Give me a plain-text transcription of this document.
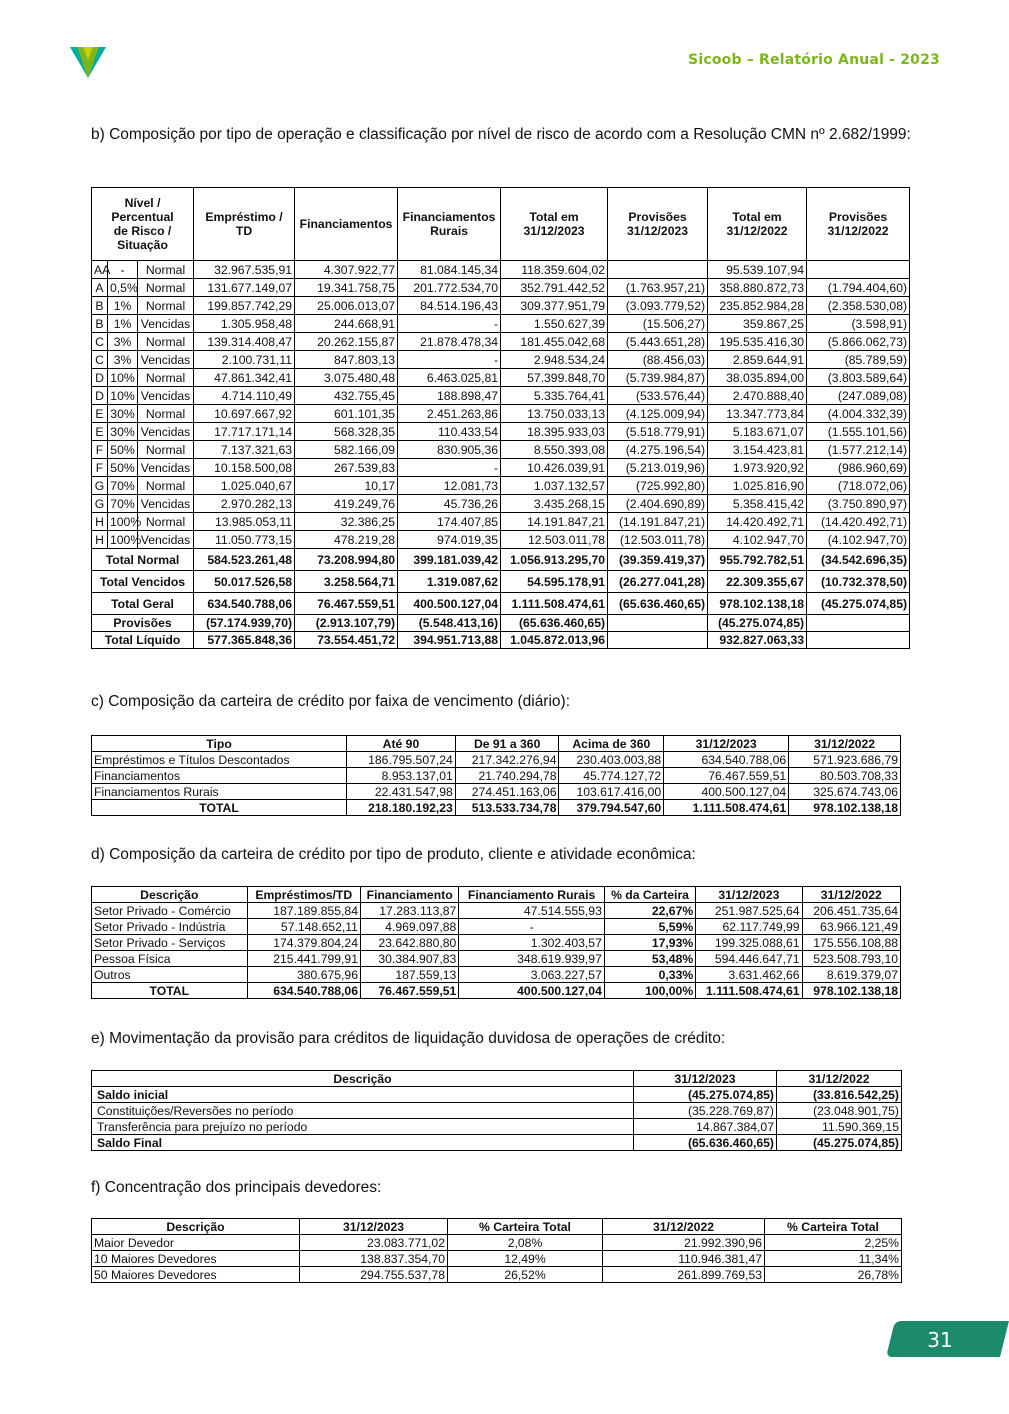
Sicoob – Relatório Anual - 2023
b) Composição por tipo de operação e classificação por nível de risco de acordo com a Resolução CMN nº 2.682/1999:
Nível / Percentual de Risco / Situação			Empréstimo / TD	Financiamentos	Financiamentos Rurais	Total em 31/12/2023	Provisões 31/12/2023	Total em 31/12/2022	Provisões 31/12/2022
AA	-	Normal	32.967.535,91	4.307.922,77	81.084.145,34	118.359.604,02		95.539.107,94	
A	0,5%	Normal	131.677.149,07	19.341.758,75	201.772.534,70	352.791.442,52	(1.763.957,21)	358.880.872,73	(1.794.404,60)
B	1%	Normal	199.857.742,29	25.006.013,07	84.514.196,43	309.377.951,79	(3.093.779,52)	235.852.984,28	(2.358.530,08)
B	1%	Vencidas	1.305.958,48	244.668,91	-	1.550.627,39	(15.506,27)	359.867,25	(3.598,91)
C	3%	Normal	139.314.408,47	20.262.155,87	21.878.478,34	181.455.042,68	(5.443.651,28)	195.535.416,30	(5.866.062,73)
C	3%	Vencidas	2.100.731,11	847.803,13	-	2.948.534,24	(88.456,03)	2.859.644,91	(85.789,59)
D	10%	Normal	47.861.342,41	3.075.480,48	6.463.025,81	57.399.848,70	(5.739.984,87)	38.035.894,00	(3.803.589,64)
D	10%	Vencidas	4.714.110,49	432.755,45	188.898,47	5.335.764,41	(533.576,44)	2.470.888,40	(247.089,08)
E	30%	Normal	10.697.667,92	601.101,35	2.451.263,86	13.750.033,13	(4.125.009,94)	13.347.773,84	(4.004.332,39)
E	30%	Vencidas	17.717.171,14	568.328,35	110.433,54	18.395.933,03	(5.518.779,91)	5.183.671,07	(1.555.101,56)
F	50%	Normal	7.137.321,63	582.166,09	830.905,36	8.550.393,08	(4.275.196,54)	3.154.423,81	(1.577.212,14)
F	50%	Vencidas	10.158.500,08	267.539,83	-	10.426.039,91	(5.213.019,96)	1.973.920,92	(986.960,69)
G	70%	Normal	1.025.040,67	10,17	12.081,73	1.037.132,57	(725.992,80)	1.025.816,90	(718.072,06)
G	70%	Vencidas	2.970.282,13	419.249,76	45.736,26	3.435.268,15	(2.404.690,89)	5.358.415,42	(3.750.890,97)
H	100%	Normal	13.985.053,11	32.386,25	174.407,85	14.191.847,21	(14.191.847,21)	14.420.492,71	(14.420.492,71)
H	100%	Vencidas	11.050.773,15	478.219,28	974.019,35	12.503.011,78	(12.503.011,78)	4.102.947,70	(4.102.947,70)
Total Normal			584.523.261,48	73.208.994,80	399.181.039,42	1.056.913.295,70	(39.359.419,37)	955.792.782,51	(34.542.696,35)
Total Vencidos			50.017.526,58	3.258.564,71	1.319.087,62	54.595.178,91	(26.277.041,28)	22.309.355,67	(10.732.378,50)
Total Geral			634.540.788,06	76.467.559,51	400.500.127,04	1.111.508.474,61	(65.636.460,65)	978.102.138,18	(45.275.074,85)
Provisões			(57.174.939,70)	(2.913.107,79)	(5.548.413,16)	(65.636.460,65)		(45.275.074,85)	
Total Líquido			577.365.848,36	73.554.451,72	394.951.713,88	1.045.872.013,96		932.827.063,33	
c) Composição da carteira de crédito por faixa de vencimento (diário):
Tipo	Até 90	De 91 a 360	Acima de 360	31/12/2023	31/12/2022
Empréstimos e Títulos Descontados	186.795.507,24	217.342.276,94	230.403.003,88	634.540.788,06	571.923.686,79
Financiamentos	8.953.137,01	21.740.294,78	45.774.127,72	76.467.559,51	80.503.708,33
Financiamentos Rurais	22.431.547,98	274.451.163,06	103.617.416,00	400.500.127,04	325.674.743,06
TOTAL	218.180.192,23	513.533.734,78	379.794.547,60	1.111.508.474,61	978.102.138,18
d) Composição da carteira de crédito por tipo de produto, cliente e atividade econômica:
Descrição	Empréstimos/TD	Financiamento	Financiamento Rurais	% da Carteira	31/12/2023	31/12/2022
Setor Privado - Comércio	187.189.855,84	17.283.113,87	47.514.555,93	22,67%	251.987.525,64	206.451.735,64
Setor Privado - Indústria	57.148.652,11	4.969.097,88	-	5,59%	62.117.749,99	63.966.121,49
Setor Privado - Serviços	174.379.804,24	23.642.880,80	1.302.403,57	17,93%	199.325.088,61	175.556.108,88
Pessoa Física	215.441.799,91	30.384.907,83	348.619.939,97	53,48%	594.446.647,71	523.508.793,10
Outros	380.675,96	187.559,13	3.063.227,57	0,33%	3.631.462,66	8.619.379,07
TOTAL	634.540.788,06	76.467.559,51	400.500.127,04	100,00%	1.111.508.474,61	978.102.138,18
e) Movimentação da provisão para créditos de liquidação duvidosa de operações de crédito:
Descrição	31/12/2023	31/12/2022
Saldo inicial	(45.275.074,85)	(33.816.542,25)
Constituições/Reversões no período	(35.228.769,87)	(23.048.901,75)
Transferência para prejuízo no período	14.867.384,07	11.590.369,15
Saldo Final	(65.636.460,65)	(45.275.074,85)
f) Concentração dos principais devedores:
Descrição	31/12/2023	% Carteira Total	31/12/2022	% Carteira Total
Maior Devedor	23.083.771,02	2,08%	21.992.390,96	2,25%
10 Maiores Devedores	138.837.354,70	12,49%	110.946.381,47	11,34%
50 Maiores Devedores	294.755.537,78	26,52%	261.899.769,53	26,78%
31
